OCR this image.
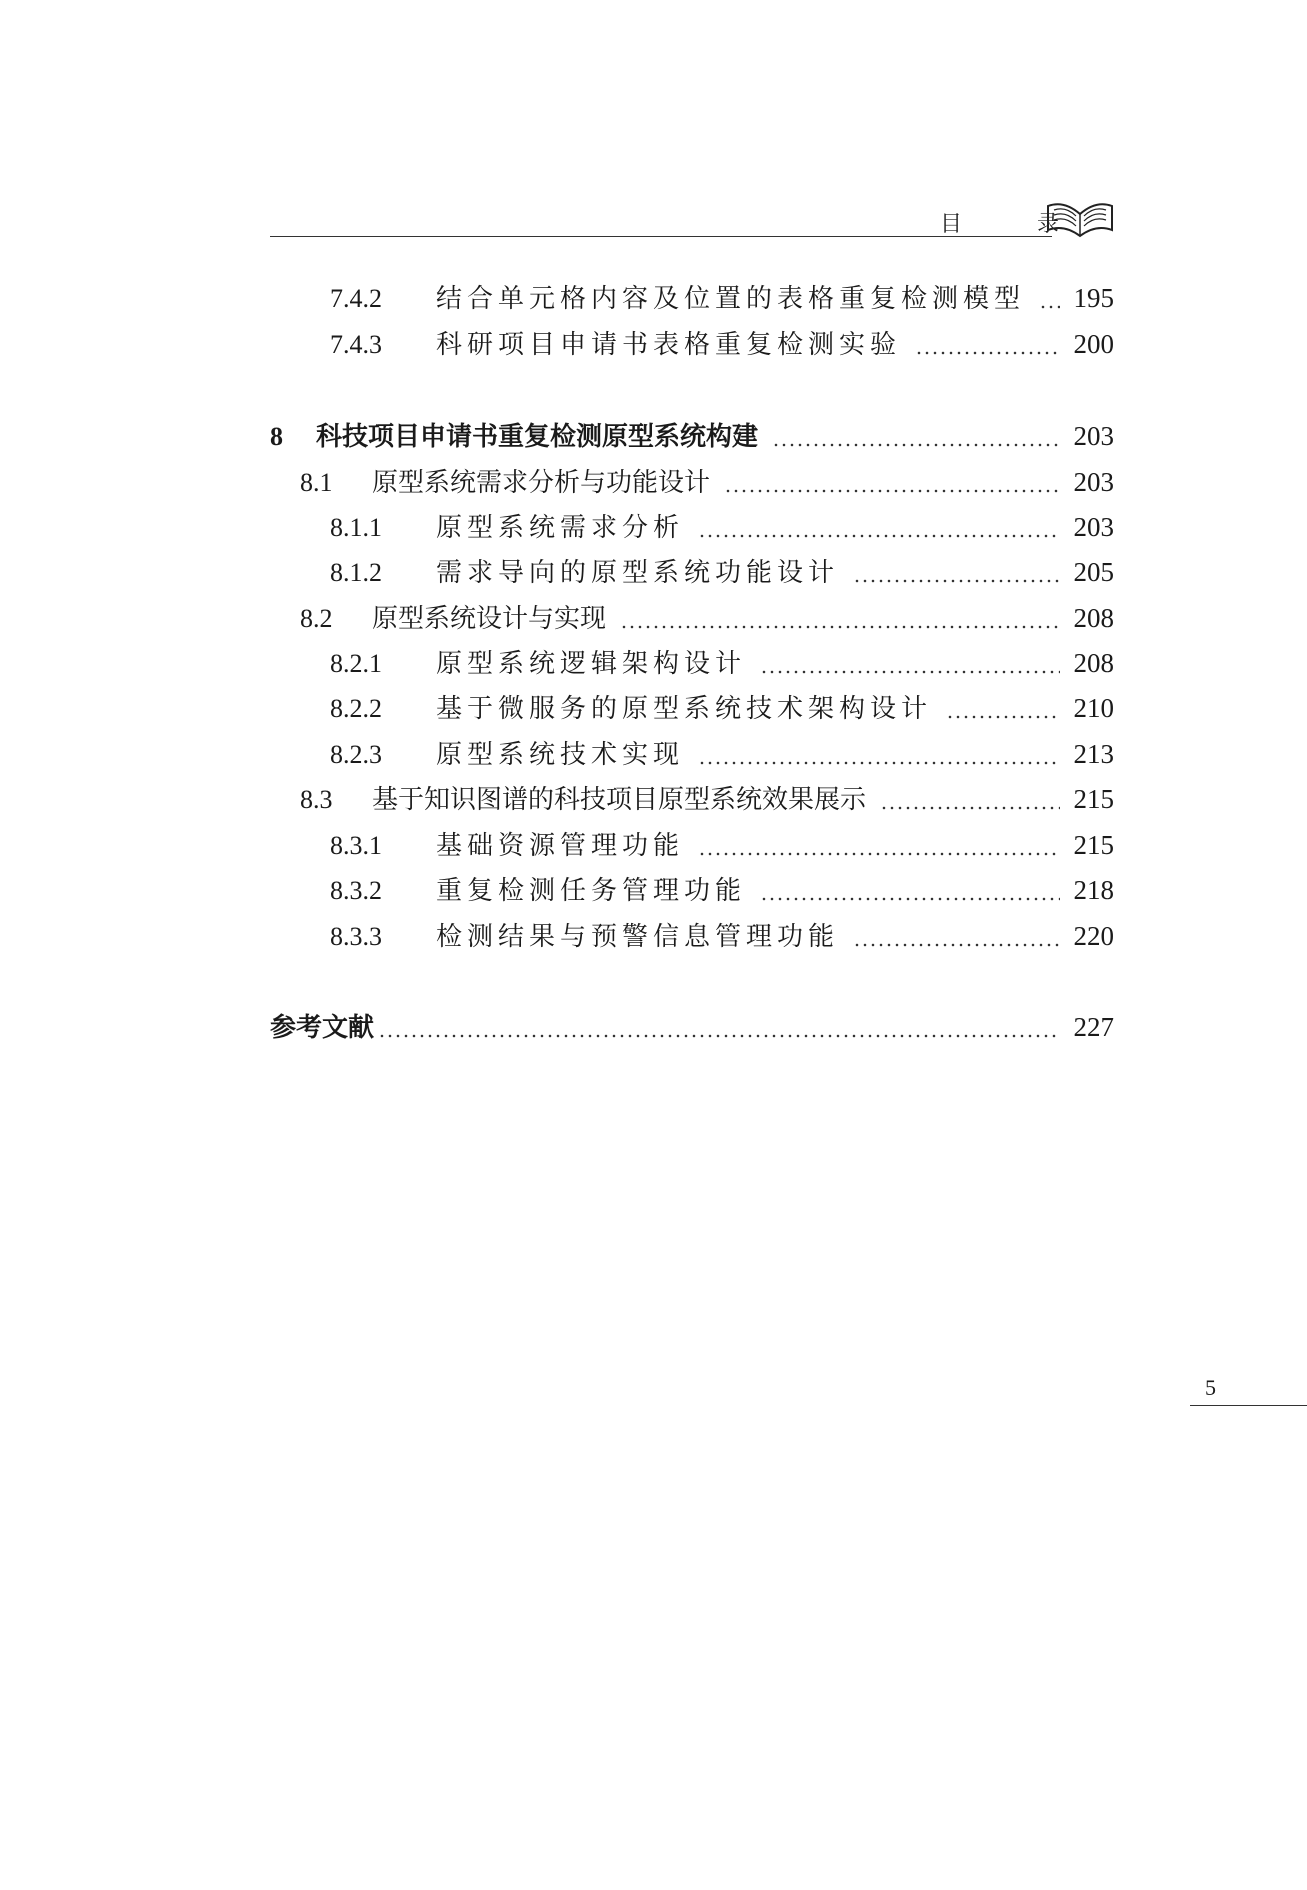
目 录
7.4.2	结合单元格内容及位置的表格重复检测模型 195
7.4.3	科研项目申请书表格重复检测实验	200
8	科技项目申请书重复检测原型系统构建	203
8.1	原型系统需求分析与功能设计	203
8.1.1	原型系统需求分析	203
8.1.2	需求导向的原型系统功能设计	205
8.2	原型系统设计与实现	208
8.2.1	原型系统逻辑架构设计	208
8.2.2	基于微服务的原型系统技术架构设计	210
8.2.3	原型系统技术实现	213
8.3	基于知识图谱的科技项目原型系统效果展示	215
8.3.1	基础资源管理功能	215
8.3.2	重复检测任务管理功能	218
8.3.3	检测结果与预警信息管理功能	220
参考文献	227
5
